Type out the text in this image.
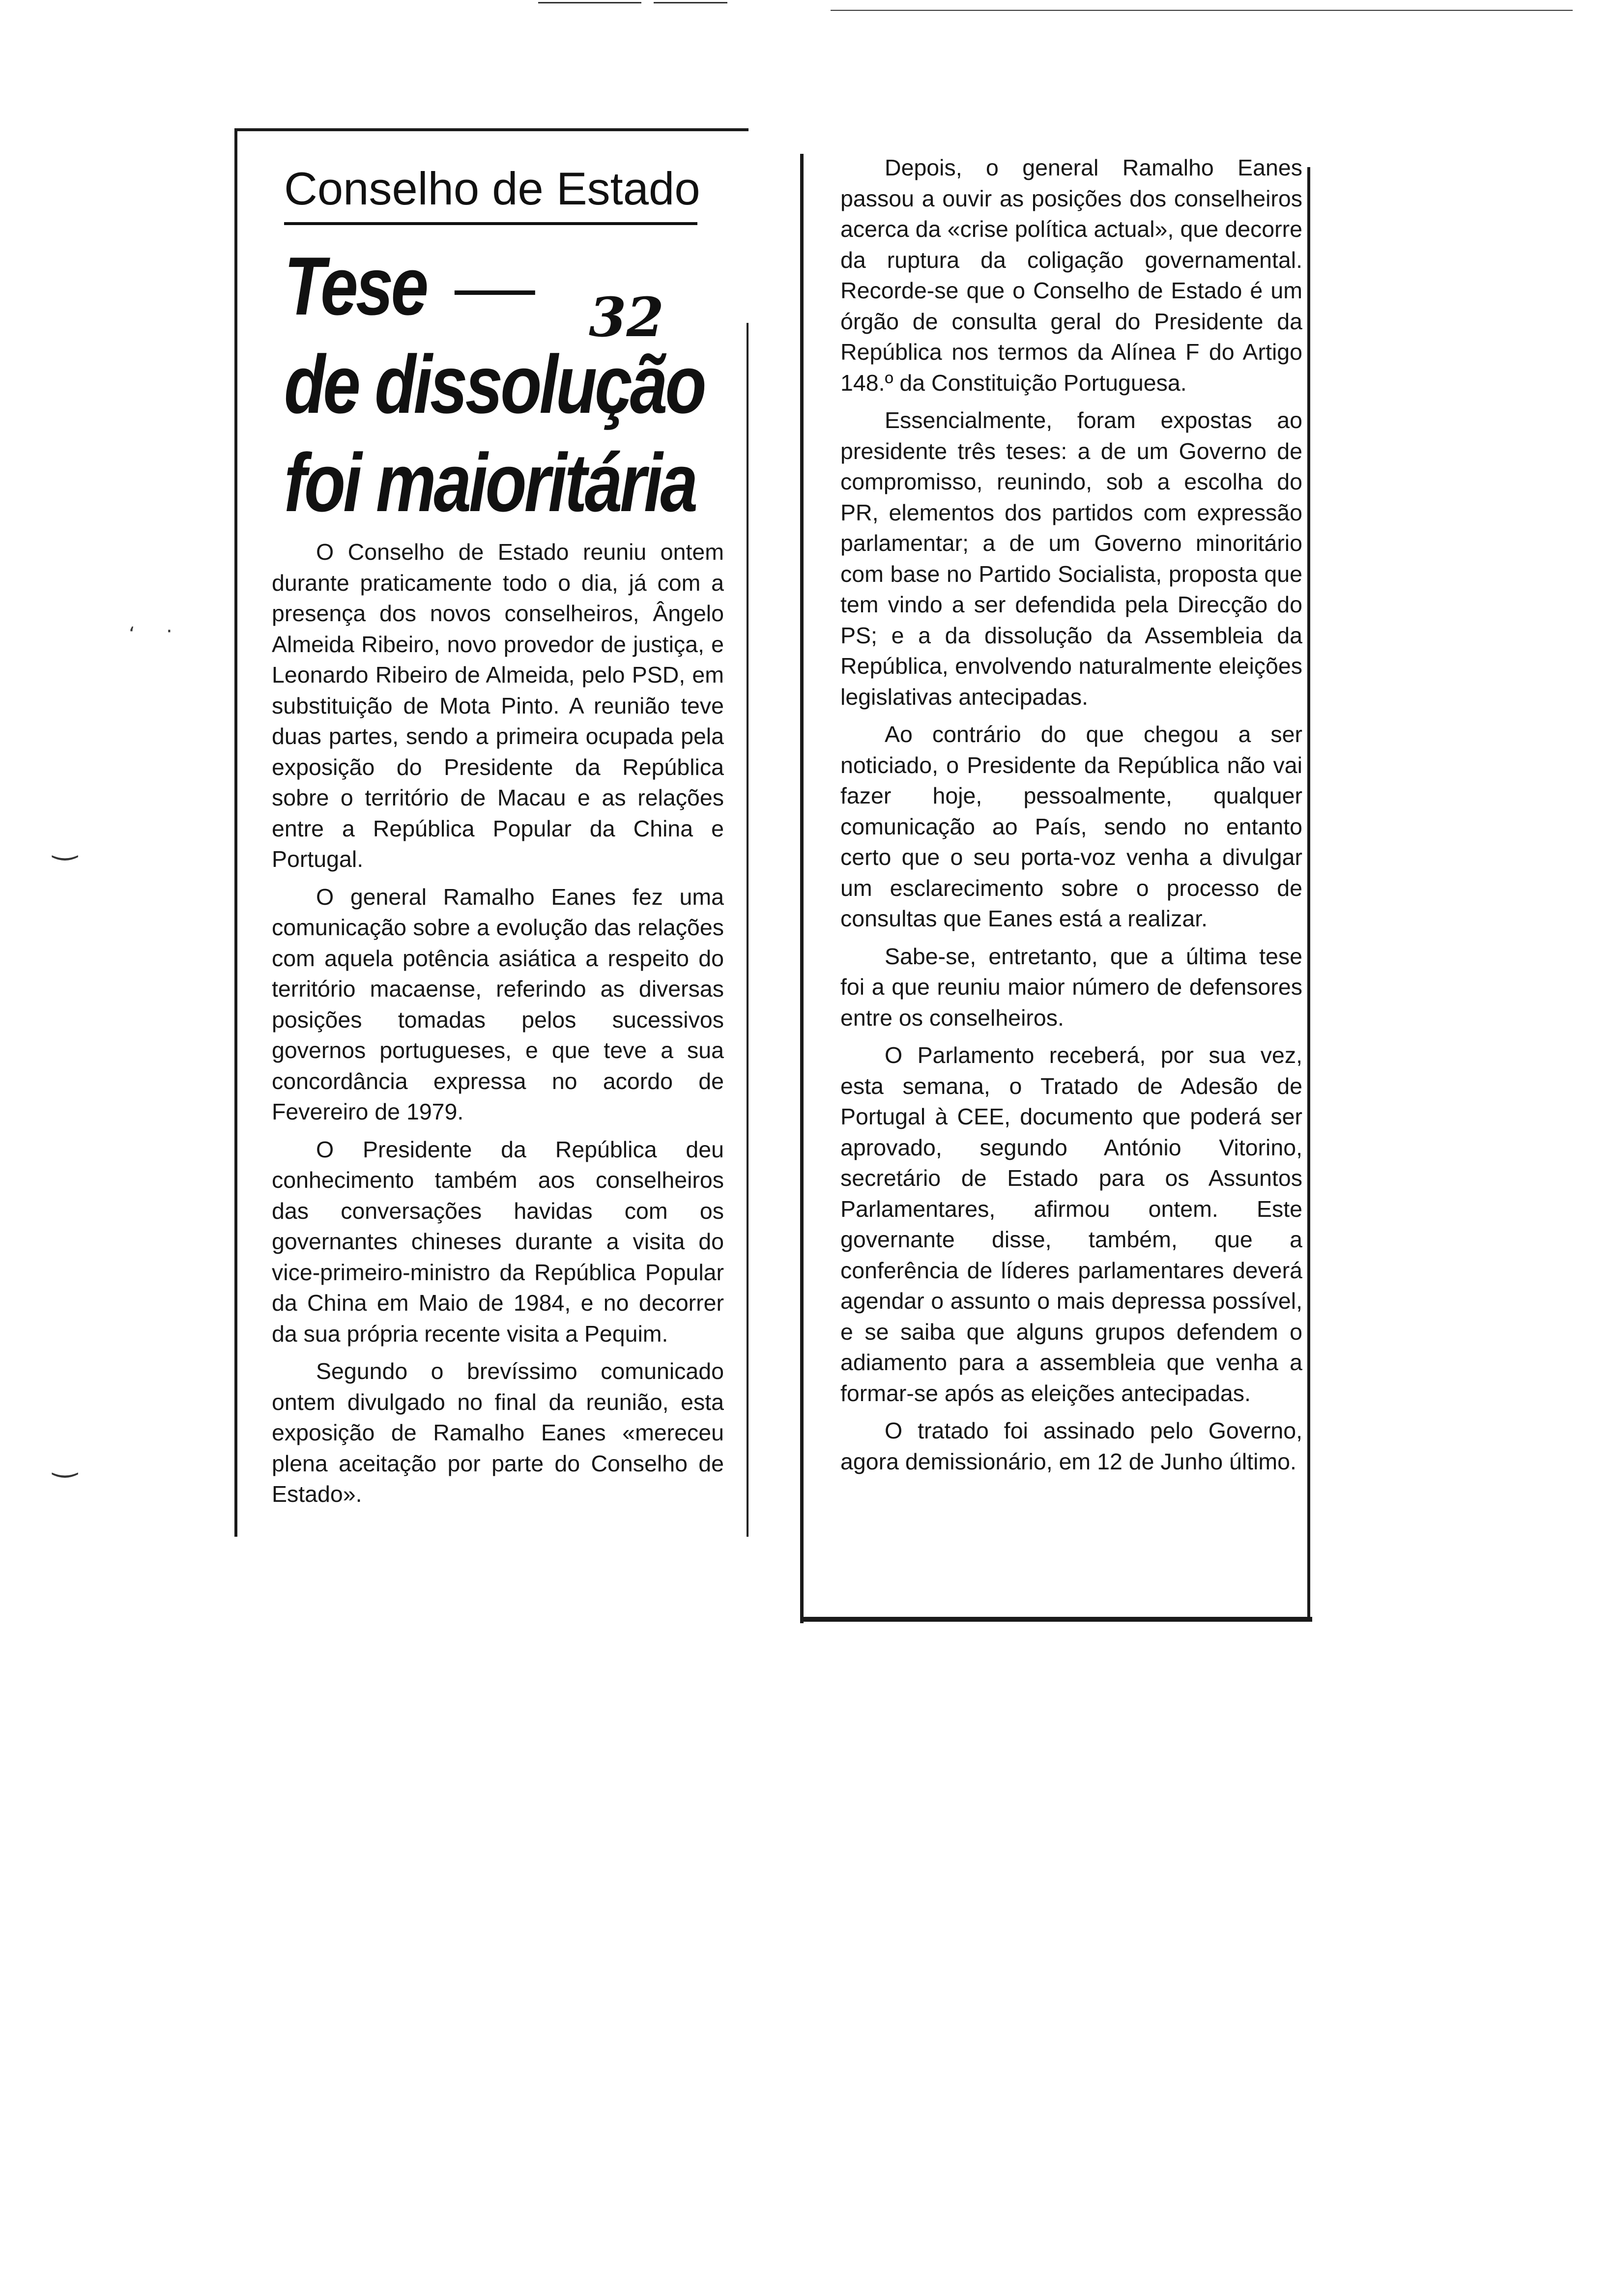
Conselho de Estado
Tese
de dissolução
foi maioritária
32

O Conselho de Estado reuniu ontem durante praticamente todo o dia, já com a presença dos novos conselheiros, Ângelo Almeida Ribeiro, novo provedor de justiça, e Leonardo Ribeiro de Almeida, pelo PSD, em substituição de Mota Pinto. A reunião teve duas partes, sendo a primeira ocupada pela exposição do Presidente da República sobre o território de Macau e as relações entre a República Popular da China e Portugal.

O general Ramalho Eanes fez uma comunicação sobre a evolução das relações com aquela potência asiática a respeito do território macaense, referindo as diversas posições tomadas pelos sucessivos governos portugueses, e que teve a sua concordância expressa no acordo de Fevereiro de 1979.

O Presidente da República deu conhecimento também aos conselheiros das conversações havidas com os governantes chineses durante a visita do vice-primeiro-ministro da República Popular da China em Maio de 1984, e no decorrer da sua própria recente visita a Pequim.

Segundo o brevíssimo comunicado ontem divulgado no final da reunião, esta exposição de Ramalho Eanes «mereceu plena aceitação por parte do Conselho de Estado».

Depois, o general Ramalho Eanes passou a ouvir as posições dos conselheiros acerca da «crise política actual», que decorre da ruptura da coligação governamental. Recorde-se que o Conselho de Estado é um órgão de consulta geral do Presidente da República nos termos da Alínea F do Artigo 148.º da Constituição Portuguesa.

Essencialmente, foram expostas ao presidente três teses: a de um Governo de compromisso, reunindo, sob a escolha do PR, elementos dos partidos com expressão parlamentar; a de um Governo minoritário com base no Partido Socialista, proposta que tem vindo a ser defendida pela Direcção do PS; e a da dissolução da Assembleia da República, envolvendo naturalmente eleições legislativas antecipadas.

Ao contrário do que chegou a ser noticiado, o Presidente da República não vai fazer hoje, pessoalmente, qualquer comunicação ao País, sendo no entanto certo que o seu porta-voz venha a divulgar um esclarecimento sobre o processo de consultas que Eanes está a realizar.

Sabe-se, entretanto, que a última tese foi a que reuniu maior número de defensores entre os conselheiros.

O Parlamento receberá, por sua vez, esta semana, o Tratado de Adesão de Portugal à CEE, documento que poderá ser aprovado, segundo António Vitorino, secretário de Estado para os Assuntos Parlamentares, afirmou ontem. Este governante disse, também, que a conferência de líderes parlamentares deverá agendar o assunto o mais depressa possível, e se saiba que alguns grupos defendem o adiamento para a assembleia que venha a formar-se após as eleições antecipadas.

O tratado foi assinado pelo Governo, agora demissionário, em 12 de Junho último.

ʻ ·
‿
‿
